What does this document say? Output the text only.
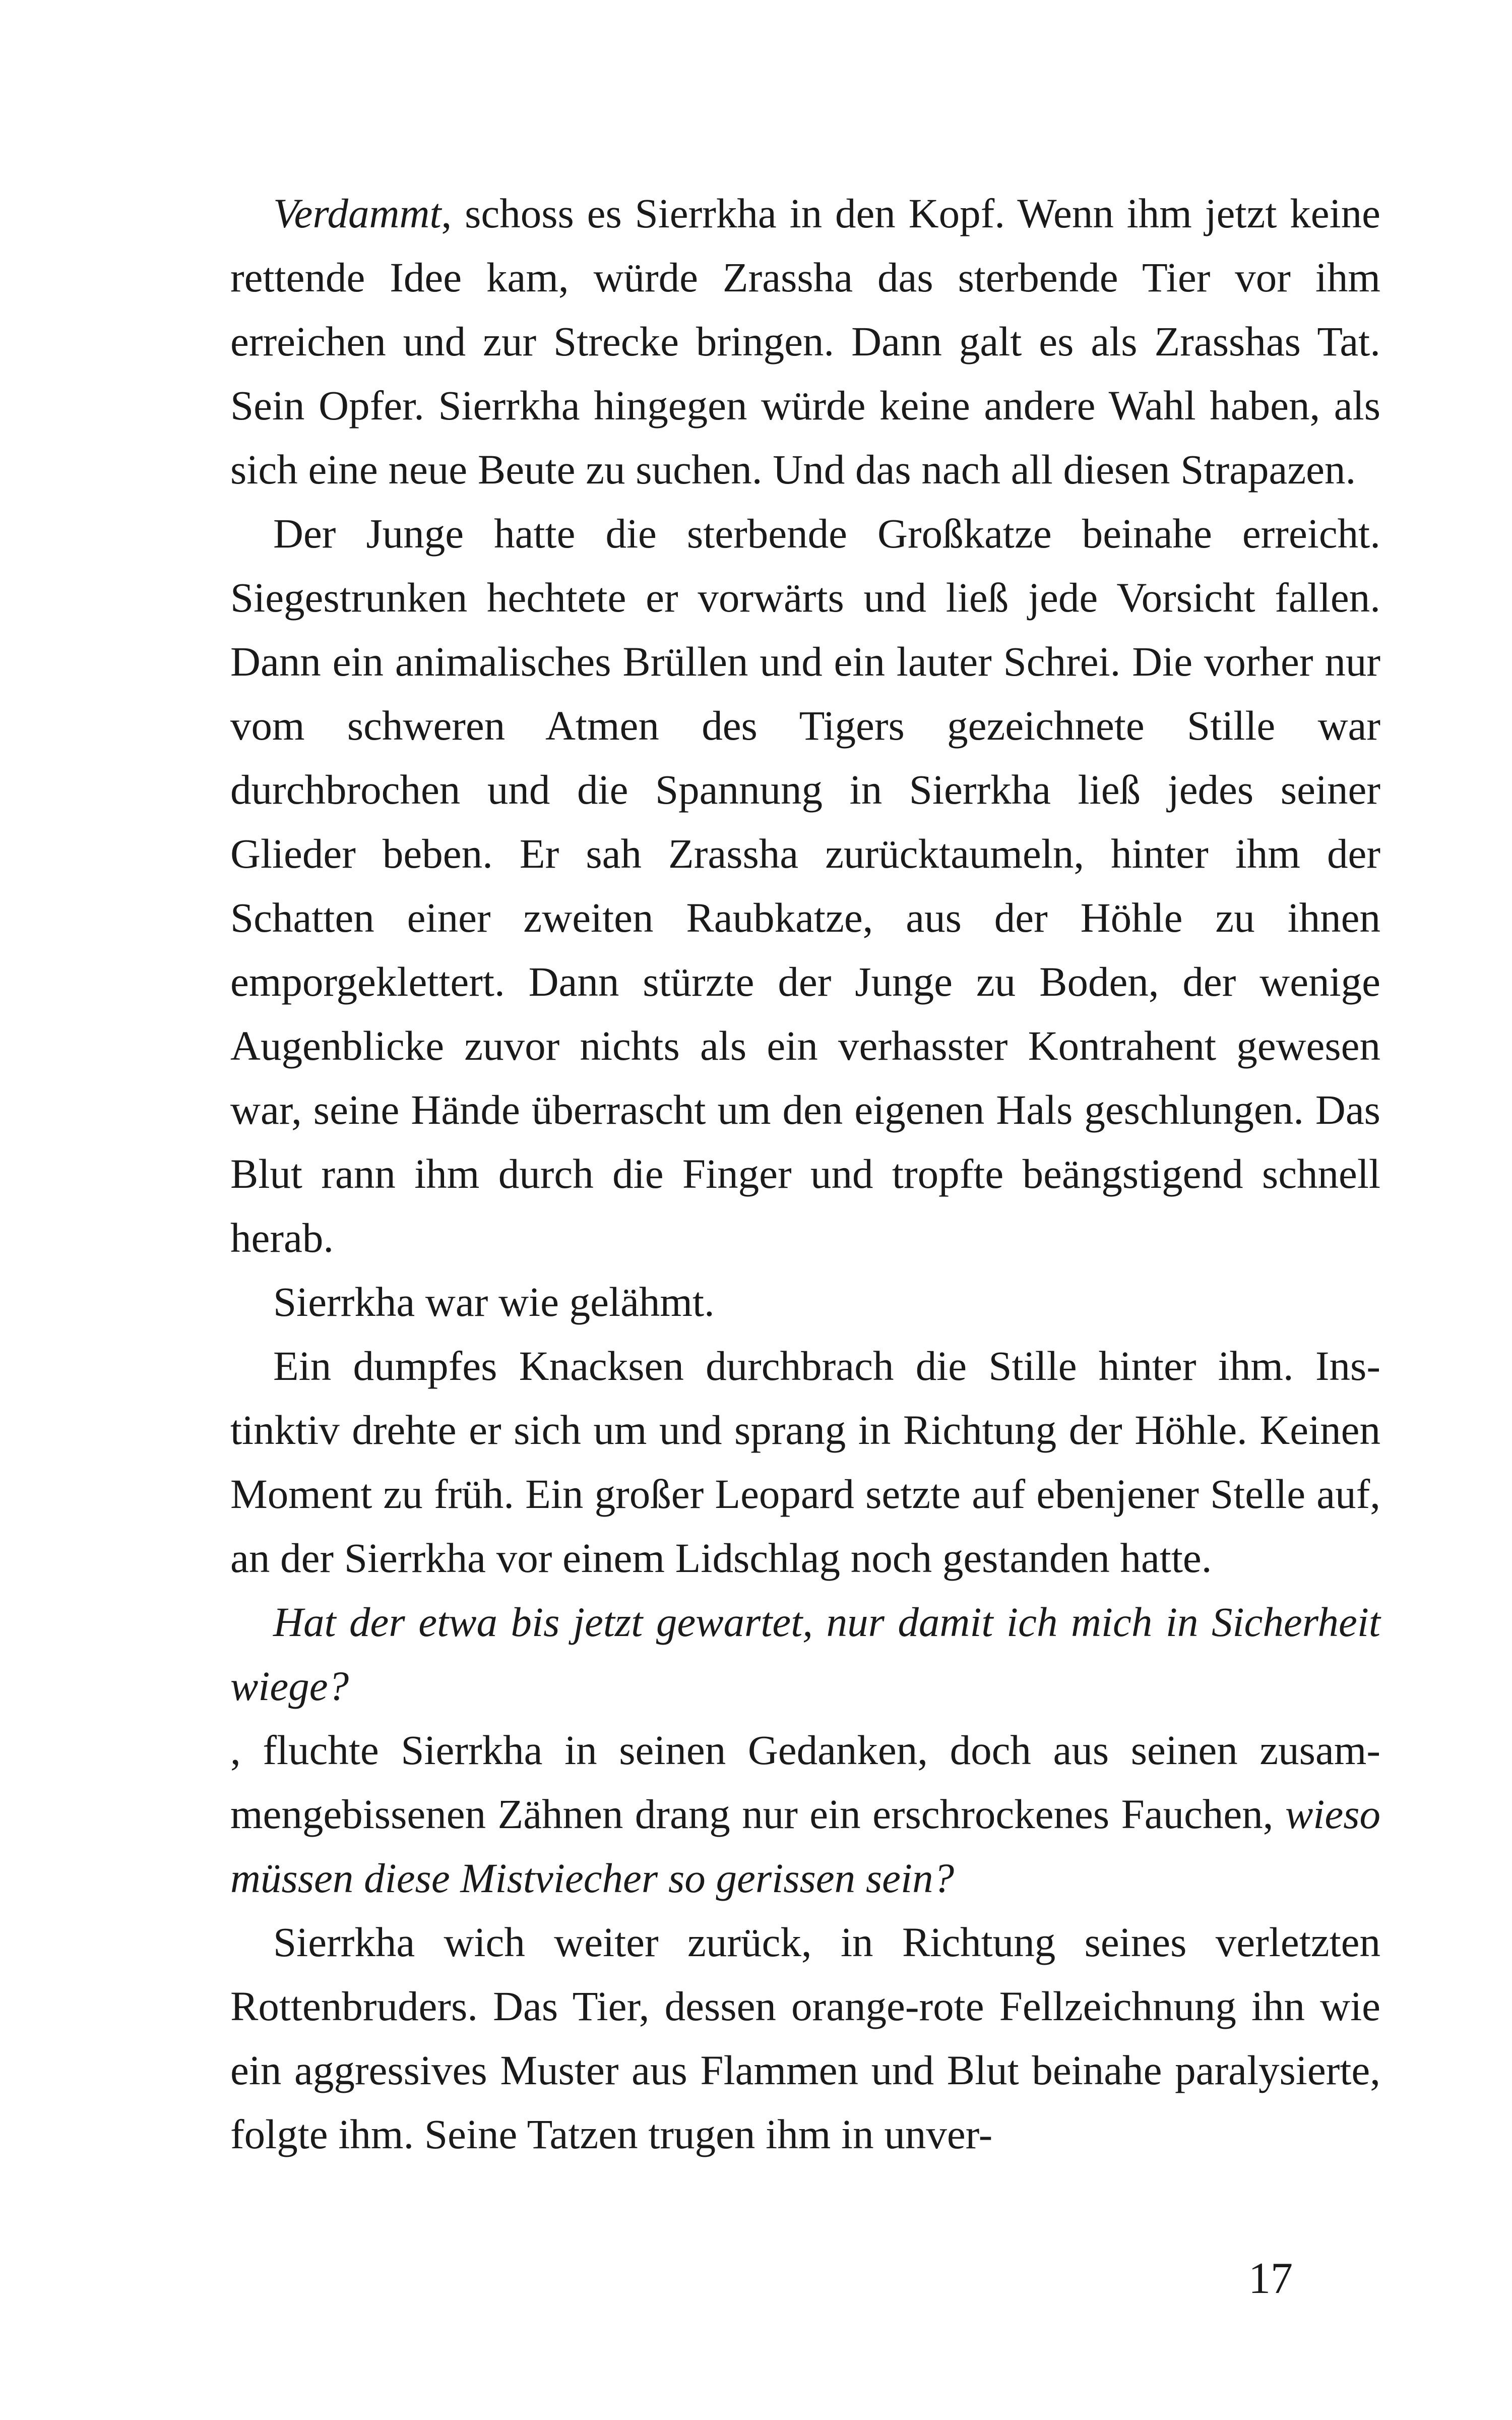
Verdammt, schoss es Sierrkha in den Kopf. Wenn ihm jetzt keine rettende Idee kam, würde Zrassha das sterbende Tier vor ihm erreichen und zur Strecke bringen. Dann galt es als Zrasshas Tat. Sein Opfer. Sierrkha hingegen würde keine andere Wahl haben, als sich eine neue Beute zu suchen. Und das nach all diesen Strapazen.

Der Junge hatte die sterbende Großkatze beinahe erreicht. Siegestrunken hechtete er vorwärts und ließ jede Vorsicht fallen. Dann ein animalisches Brüllen und ein lauter Schrei. Die vorher nur vom schweren Atmen des Tigers gezeichnete Stille war durchbrochen und die Spannung in Sierrkha ließ jedes seiner Glieder beben. Er sah Zrassha zurücktaumeln, hinter ihm der Schatten einer zweiten Raubkatze, aus der Höhle zu ihnen emporgeklettert. Dann stürzte der Junge zu Boden, der wenige Augenblicke zuvor nichts als ein verhasster Kontrahent gewesen war, seine Hände überrascht um den eigenen Hals geschlungen. Das Blut rann ihm durch die Finger und tropfte beängstigend schnell herab.

Sierrkha war wie gelähmt.

Ein dumpfes Knacksen durchbrach die Stille hinter ihm. Instinktiv drehte er sich um und sprang in Richtung der Höhle. Keinen Moment zu früh. Ein großer Leopard setzte auf ebenjener Stelle auf, an der Sierrkha vor einem Lidschlag noch gestanden hatte.

Hat der etwa bis jetzt gewartet, nur damit ich mich in Sicherheit wiege?

, fluchte Sierrkha in seinen Gedanken, doch aus seinen zusammengebissenen Zähnen drang nur ein erschrockenes Fauchen, wieso müssen diese Mistviecher so gerissen sein?

Sierrkha wich weiter zurück, in Richtung seines verletzten Rottenbruders. Das Tier, dessen orange-rote Fellzeichnung ihn wie ein aggressives Muster aus Flammen und Blut beinahe paralysierte, folgte ihm. Seine Tatzen trugen ihm in unver-

17
